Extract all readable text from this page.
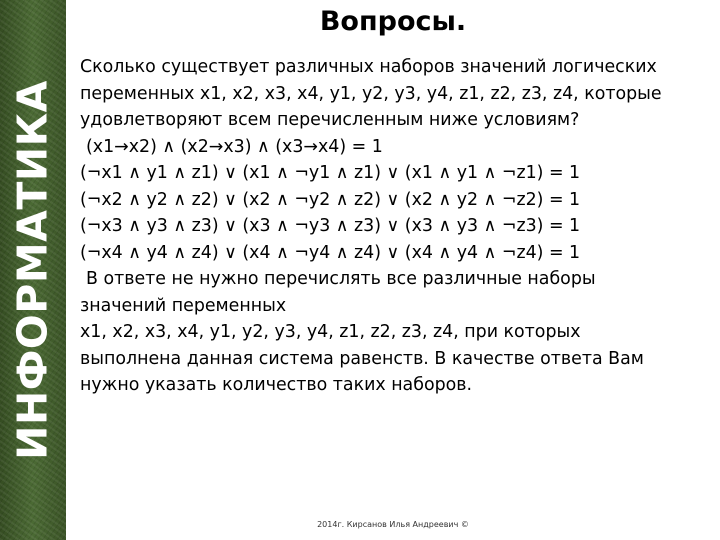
ИНФОРМАТИКА
Вопросы.
Сколько существует различных наборов значений логических
переменных x1, x2, x3, x4, y1, y2, y3, y4, z1, z2, z3, z4, которые
удовлетворяют всем перечисленным ниже условиям?
(x1→x2) ∧ (x2→x3) ∧ (x3→x4) = 1
(¬x1 ∧ y1 ∧ z1) ∨ (x1 ∧ ¬y1 ∧ z1) ∨ (x1 ∧ y1 ∧ ¬z1) = 1
(¬x2 ∧ y2 ∧ z2) ∨ (x2 ∧ ¬y2 ∧ z2) ∨ (x2 ∧ y2 ∧ ¬z2) = 1
(¬x3 ∧ y3 ∧ z3) ∨ (x3 ∧ ¬y3 ∧ z3) ∨ (x3 ∧ y3 ∧ ¬z3) = 1
(¬x4 ∧ y4 ∧ z4) ∨ (x4 ∧ ¬y4 ∧ z4) ∨ (x4 ∧ y4 ∧ ¬z4) = 1
В ответе не нужно перечислять все различные наборы
значений переменных
x1, x2, x3, x4, y1, y2, y3, y4, z1, z2, z3, z4, при которых
выполнена данная система равенств. В качестве ответа Вам
нужно указать количество таких наборов.
2014г. Кирсанов Илья Андреевич ©
